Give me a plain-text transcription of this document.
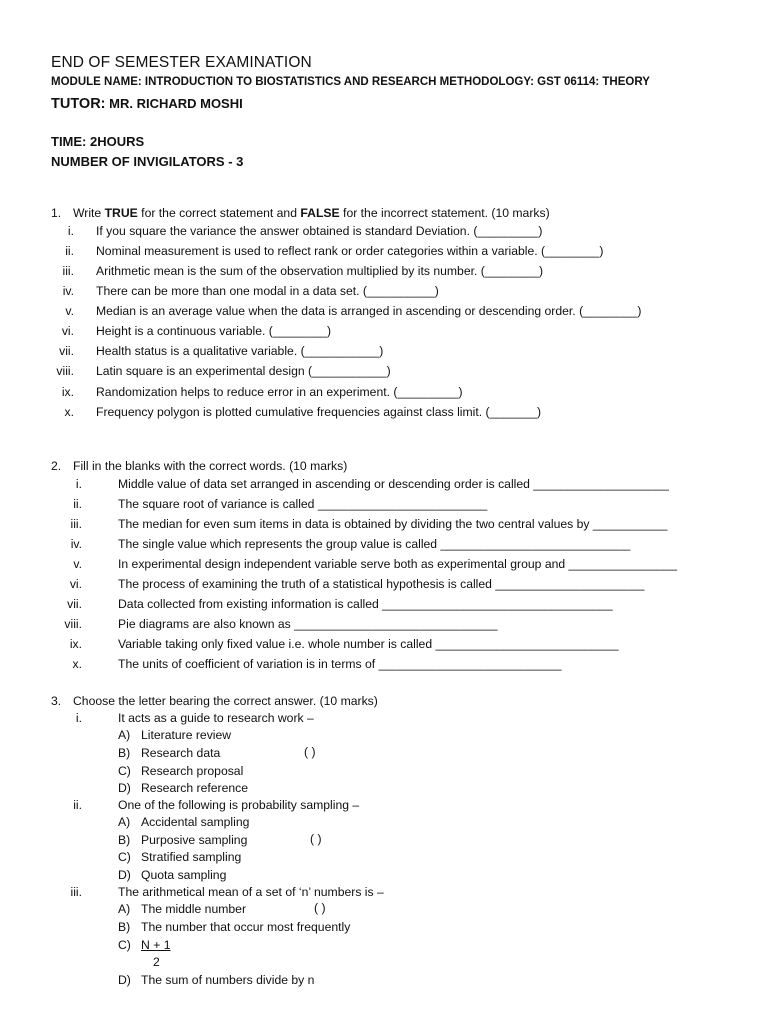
END OF SEMESTER EXAMINATION
MODULE NAME: INTRODUCTION TO BIOSTATISTICS AND RESEARCH METHODOLOGY: GST 06114: THEORY
TUTOR: MR. RICHARD MOSHI
TIME: 2HOURS
NUMBER OF INVIGILATORS - 3
1. Write TRUE for the correct statement and FALSE for the incorrect statement. (10 marks)
i. If you square the variance the answer obtained is standard Deviation. (_________)
ii. Nominal measurement is used to reflect rank or order categories within a variable. (________)
iii. Arithmetic mean is the sum of the observation multiplied by its number. (________)
iv. There can be more than one modal in a data set. (__________)
v. Median is an average value when the data is arranged in ascending or descending order. (________)
vi. Height is a continuous variable. (________)
vii. Health status is a qualitative variable. (___________)
viii. Latin square is an experimental design (___________)
ix. Randomization helps to reduce error in an experiment. (_________)
x. Frequency polygon is plotted cumulative frequencies against class limit. (_______)
2. Fill in the blanks with the correct words. (10 marks)
i.	Middle value of data set arranged in ascending or descending order is called ____________________
ii.	The square root of variance is called _________________________
iii.	The median for even sum items in data is obtained by dividing the two central values by ___________
iv.	The single value which represents the group value is called ____________________________
v.	In experimental design independent variable serve both as experimental group and ________________
vi.	The process of examining the truth of a statistical hypothesis is called ______________________
vii.	Data collected from existing information is called __________________________________
viii.	Pie diagrams are also known as ______________________________
ix.	Variable taking only fixed value i.e. whole number is called ___________________________
x.	The units of coefficient of variation is in terms of ___________________________
3. Choose the letter bearing the correct answer. (10 marks)
i.	It acts as a guide to research work –
A) Literature review
B) Research data	( )
C) Research proposal
D) Research reference
ii.	One of the following is probability sampling –
A) Accidental sampling
B) Purposive sampling	( )
C) Stratified sampling
D) Quota sampling
iii.	The arithmetical mean of a set of ‘n’ numbers is –
A) The middle number	( )
B) The number that occur most frequently
C) N + 1
2
D) The sum of numbers divide by n
